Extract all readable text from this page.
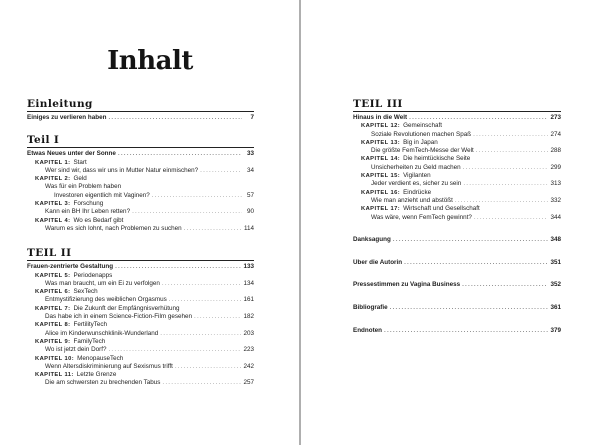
Inhalt
Einleitung
Einiges zu verlieren haben .....	7
Teil I
Etwas Neues unter der Sonne .....	33
KAPITEL 1: Start
Wer sind wir, dass wir uns in Mutter Natur einmischen? .....	34
KAPITEL 2: Geld
Was für ein Problem haben
Investoren eigentlich mit Vaginen? .....	57
KAPITEL 3: Forschung
Kann ein BH Ihr Leben retten? .....	90
KAPITEL 4: Wo es Bedarf gibt
Warum es sich lohnt, nach Problemen zu suchen .....	114
TEIL II
Frauen-zentrierte Gestaltung .....	133
KAPITEL 5: Periodenapps
Was man braucht, um ein Ei zu verfolgen .....	134
KAPITEL 6: SexTech
Entmystifizierung des weiblichen Orgasmus .....	161
KAPITEL 7: Die Zukunft der Empfängnisverhütung
Das habe ich in einem Science-Fiction-Film gesehen .....	182
KAPITEL 8: FertilityTech
Alice im Kinderwunschklinik-Wunderland .....	203
KAPITEL 9: FamilyTech
Wo ist jetzt dein Dorf? .....	223
KAPITEL 10: MenopauseTech
Wenn Altersdiskriminierung auf Sexismus trifft .....	242
KAPITEL 11: Letzte Grenze
Die am schwersten zu brechenden Tabus .....	257
TEIL III
Hinaus in die Welt .....	273
KAPITEL 12: Gemeinschaft
Soziale Revolutionen machen Spaß .....	274
KAPITEL 13: Big in Japan
Die größte FemTech-Messe der Welt .....	288
KAPITEL 14: Die heimtückische Seite
Unsicherheiten zu Geld machen .....	299
KAPITEL 15: Vigilanten
Jeder verdient es, sicher zu sein .....	313
KAPITEL 16: Eindrücke
Wie man anzieht und abstößt .....	332
KAPITEL 17: Wirtschaft und Gesellschaft
Was wäre, wenn FemTech gewinnt? .....	344
Danksagung .....	348
Über die Autorin .....	351
Pressestimmen zu Vagina Business .....	352
Bibliografie .....	361
Endnoten .....	379
